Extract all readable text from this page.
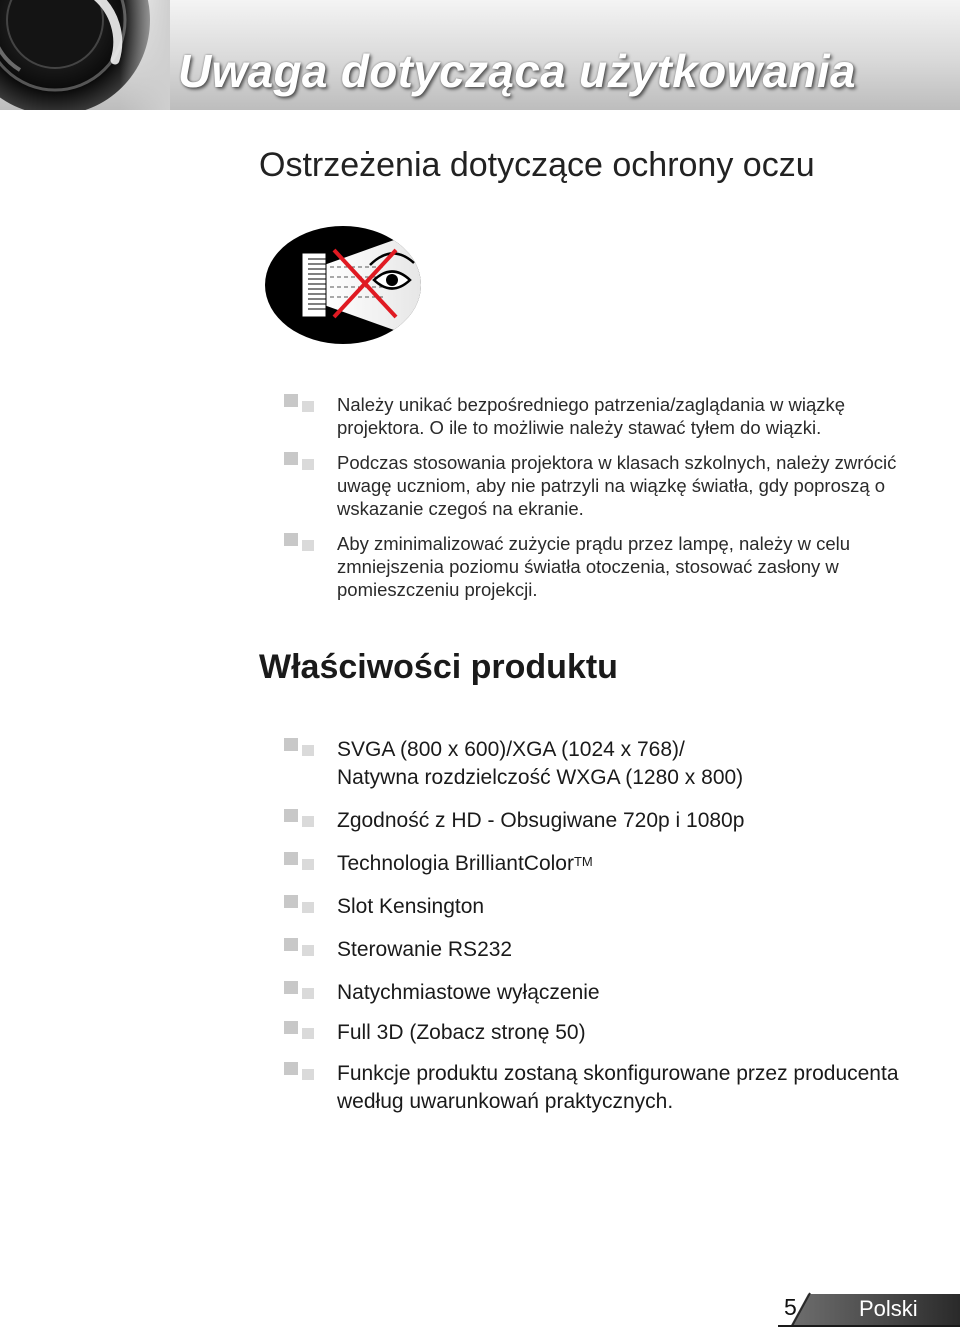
Uwaga dotycząca użytkowania
Ostrzeżenia dotyczące ochrony oczu
Należy unikać bezpośredniego patrzenia/zaglądania w wiązkę projektora. O ile to możliwie należy stawać tyłem do wiązki.
Podczas stosowania projektora w klasach szkolnych, należy zwrócić uwagę uczniom, aby nie patrzyli na wiązkę światła, gdy poproszą o wskazanie czegoś na ekranie.
Aby zminimalizować zużycie prądu przez lampę, należy w celu zmniejszenia poziomu światła otoczenia, stosować zasłony w pomieszczeniu projekcji.
Właściwości produktu
SVGA (800 x 600)/XGA (1024 x 768)/
Natywna rozdzielczość WXGA (1280 x 800)
Zgodność z HD - Obsugiwane 720p i 1080p
Technologia BrilliantColor™
Slot Kensington
Sterowanie RS232
Natychmiastowe wyłączenie
Full 3D (Zobacz stronę 50)
Funkcje produktu zostaną skonfigurowane przez producenta według uwarunkowań praktycznych.
5	Polski
